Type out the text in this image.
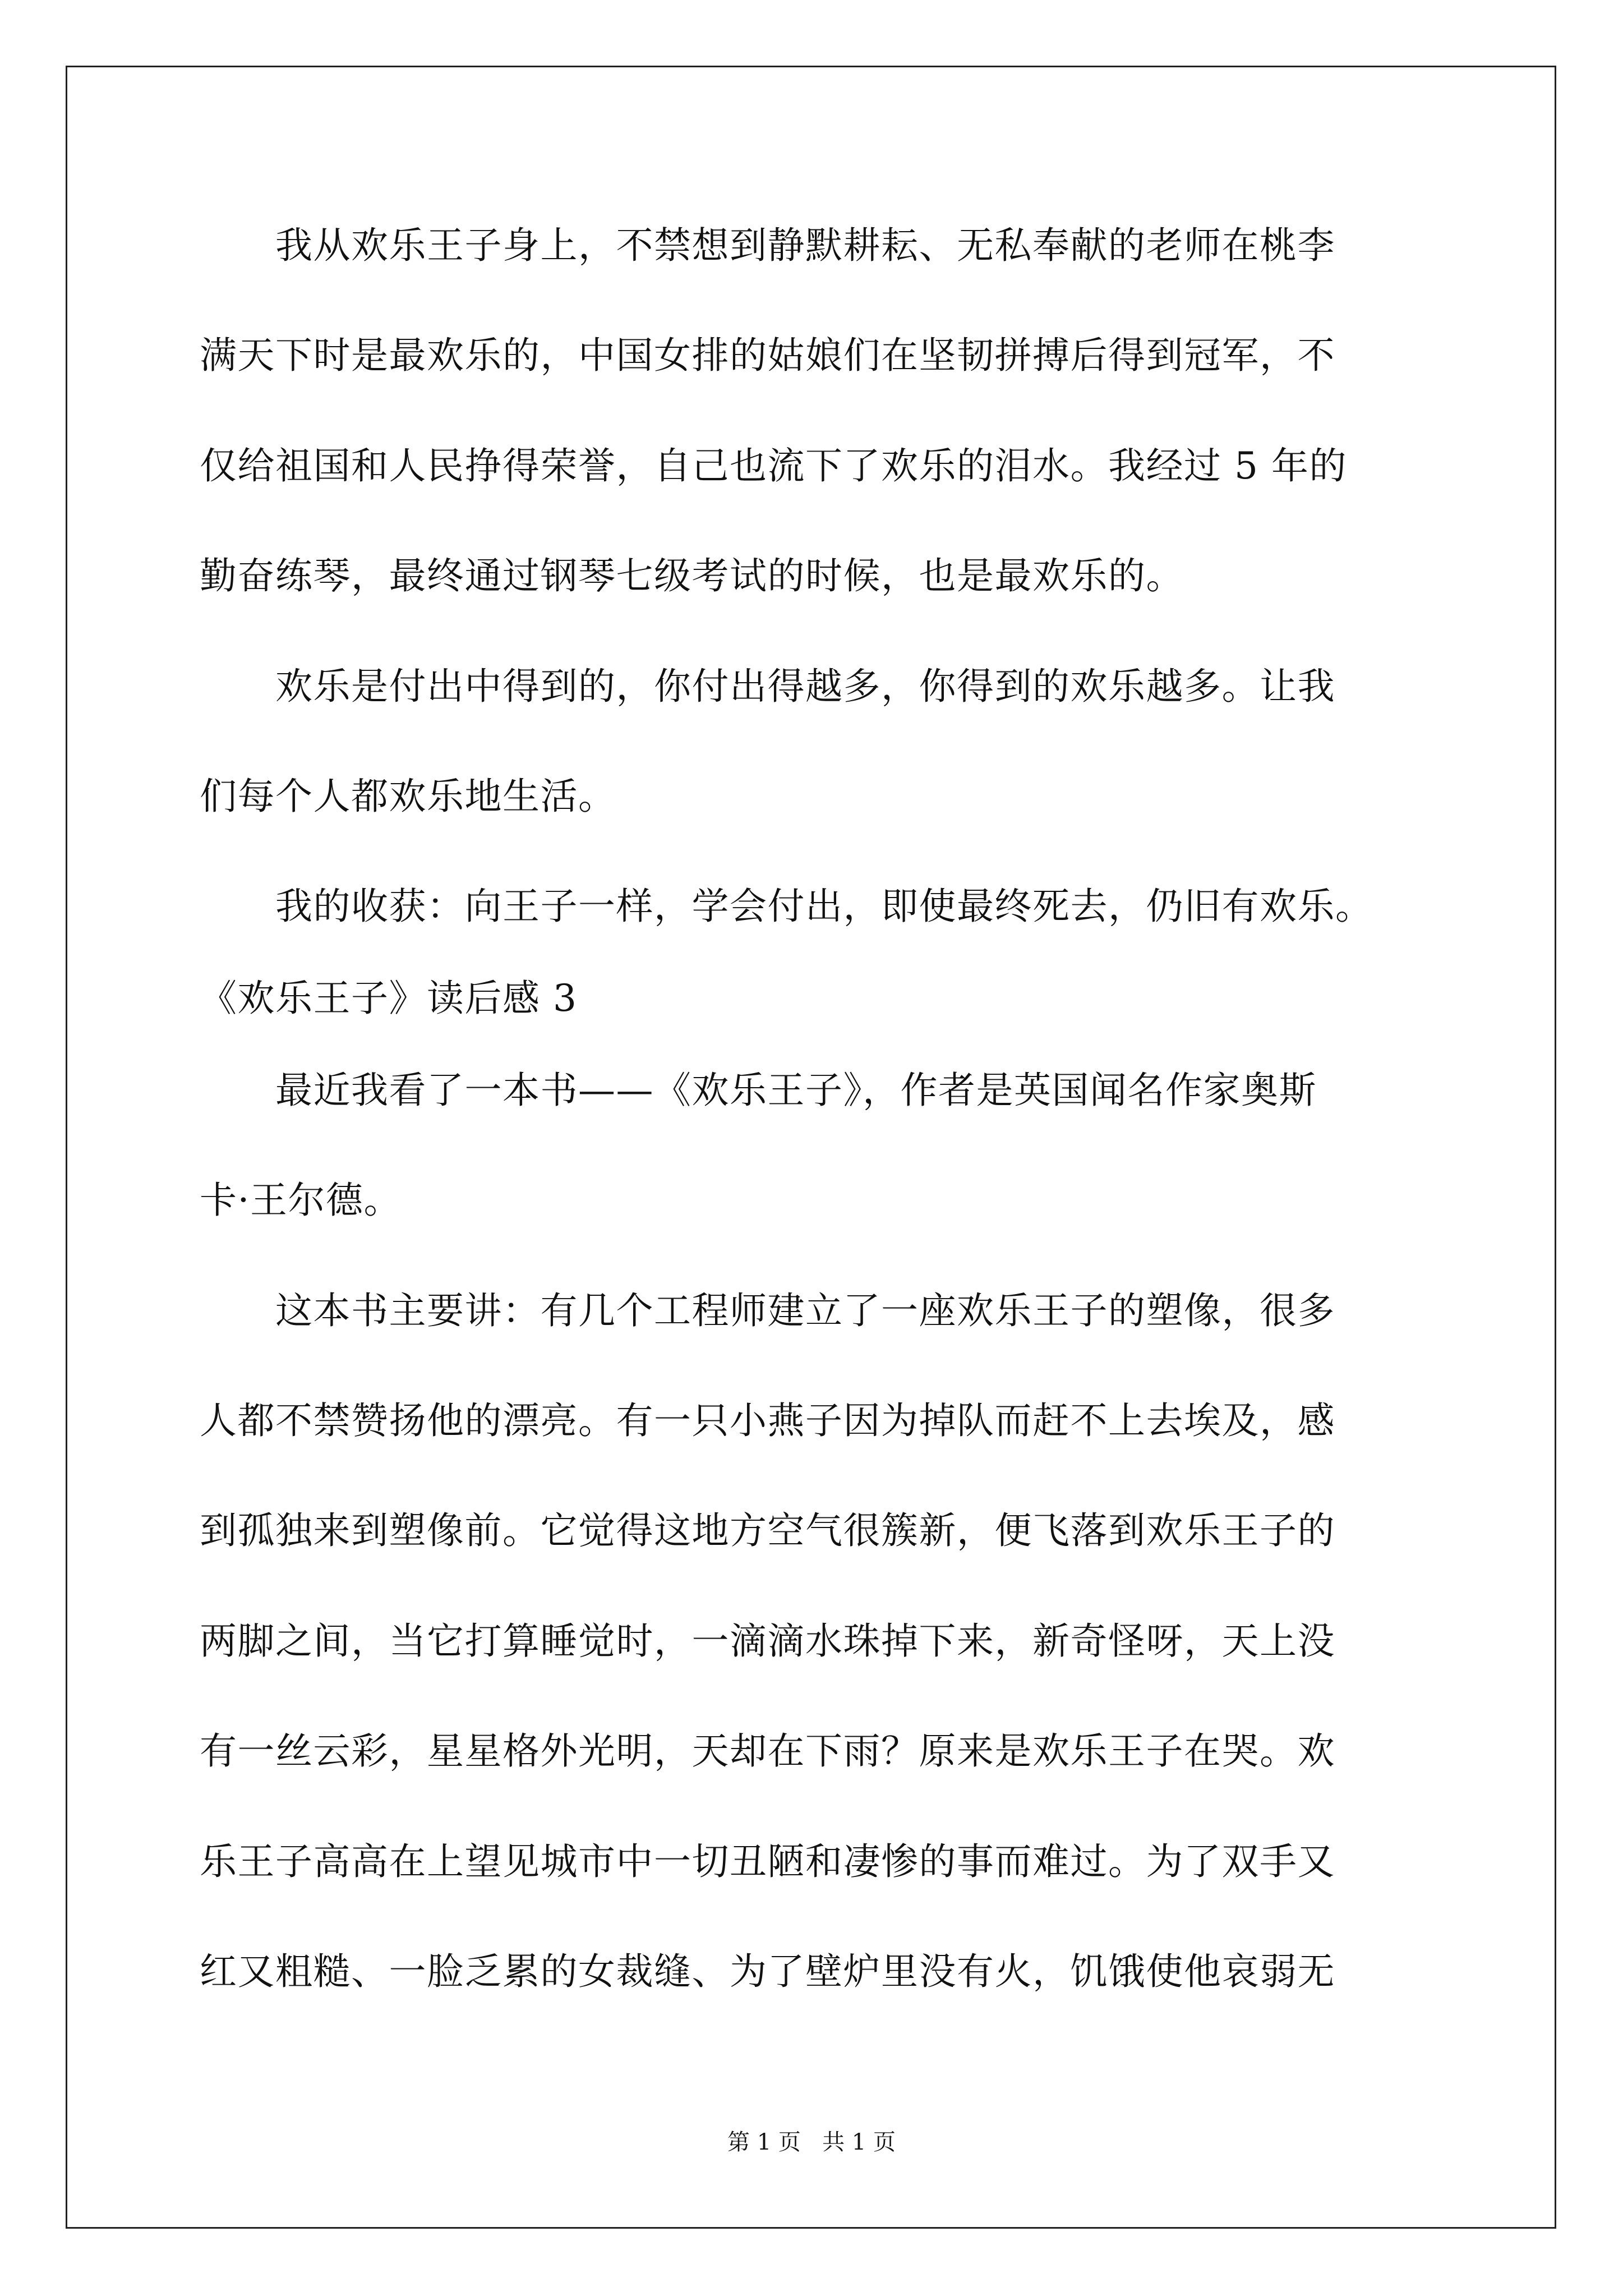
　　我从欢乐王子身上，不禁想到静默耕耘、无私奉献的老师在桃李
满天下时是最欢乐的，中国女排的姑娘们在坚韧拼搏后得到冠军，不
仅给祖国和人民挣得荣誉，自己也流下了欢乐的泪水。我经过 5 年的
勤奋练琴，最终通过钢琴七级考试的时候，也是最欢乐的。
　　欢乐是付出中得到的，你付出得越多，你得到的欢乐越多。让我
们每个人都欢乐地生活。
　　我的收获：向王子一样，学会付出，即使最终死去，仍旧有欢乐。
《欢乐王子》读后感 3
　　最近我看了一本书——《欢乐王子》，作者是英国闻名作家奥斯
卡·王尔德。
　　这本书主要讲：有几个工程师建立了一座欢乐王子的塑像，很多
人都不禁赞扬他的漂亮。有一只小燕子因为掉队而赶不上去埃及，感
到孤独来到塑像前。它觉得这地方空气很簇新，便飞落到欢乐王子的
两脚之间，当它打算睡觉时，一滴滴水珠掉下来，新奇怪呀，天上没
有一丝云彩，星星格外光明，天却在下雨？原来是欢乐王子在哭。欢
乐王子高高在上望见城市中一切丑陋和凄惨的事而难过。为了双手又
红又粗糙、一脸乏累的女裁缝、为了壁炉里没有火，饥饿使他哀弱无
第 1 页   共 1 页
